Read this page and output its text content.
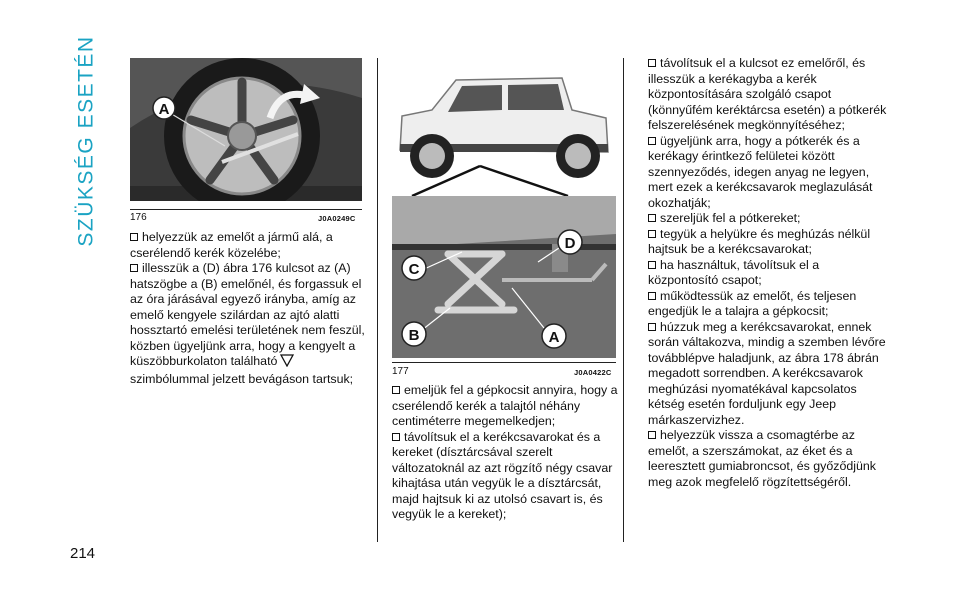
SZÜKSÉG ESETÉN
214
A
176	J0A0249C
C
D
B	A
177	J0A0422C

helyezzük az emelőt a jármű alá, a cserélendő kerék közelébe;

illesszük a (D) ábra 176 kulcsot az (A) hatszögbe a (B) emelőnél, és forgassuk el az óra járásával egyező irányba, amíg az emelő kengyele szilárdan az ajtó alatti hossztartó emelési területének nem feszül, közben ügyeljünk arra, hogy a kengyelt a küszöbburkolaton található szimbólummal jelzett bevágáson tartsuk;

emeljük fel a gépkocsit annyira, hogy a cserélendő kerék a talajtól néhány centiméterre megemelkedjen;

távolítsuk el a kerékcsavarokat és a kereket (dísztárcsával szerelt változatoknál az azt rögzítő négy csavar kihajtása után vegyük le a dísztárcsát, majd hajtsuk ki az utolsó csavart is, és vegyük le a kereket);

távolítsuk el a kulcsot ez emelőről, és illesszük a kerékagyba a kerék központosítására szolgáló csapot (könnyűfém keréktárcsa esetén) a pótkerék felszerelésének megkönnyítéséhez;

ügyeljünk arra, hogy a pótkerék és a kerékagy érintkező felületei között szennyeződés, idegen anyag ne legyen, mert ezek a kerékcsavarok meglazulását okozhatják;

szereljük fel a pótkereket;

tegyük a helyükre és meghúzás nélkül hajtsuk be a kerékcsavarokat;

ha használtuk, távolítsuk el a központosító csapot;

működtessük az emelőt, és teljesen engedjük le a talajra a gépkocsit;

húzzuk meg a kerékcsavarokat, ennek során váltakozva, mindig a szemben lévőre továbblépve haladjunk, az ábra 178 ábrán megadott sorrendben. A kerékcsavarok meghúzási nyomatékával kapcsolatos kétség esetén forduljunk egy Jeep márkaszervizhez.

helyezzük vissza a csomagtérbe az emelőt, a szerszámokat, az éket és a leeresztett gumiabroncsot, és győződjünk meg azok megfelelő rögzítettségéről.
